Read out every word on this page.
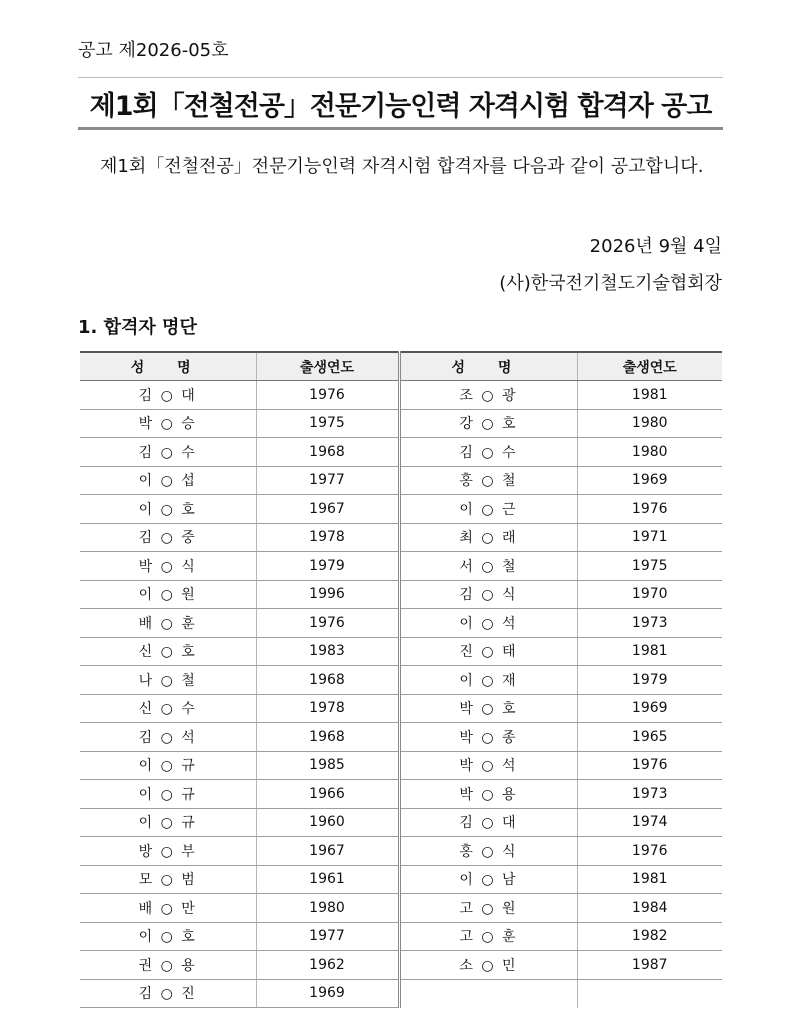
공고 제2026-05호
제1회「전철전공」전문기능인력 자격시험 합격자 공고
제1회「전철전공」전문기능인력 자격시험 합격자를 다음과 같이 공고합니다.
2026년 9월 4일
(사)한국전기철도기술협회장
1. 합격자 명단
성 명	출생연도	성 명	출생연도
김 ○ 대	1976	조 ○ 광	1981
박 ○ 승	1975	강 ○ 호	1980
김 ○ 수	1968	김 ○ 수	1980
이 ○ 섭	1977	홍 ○ 철	1969
이 ○ 호	1967	이 ○ 근	1976
김 ○ 중	1978	최 ○ 래	1971
박 ○ 식	1979	서 ○ 철	1975
이 ○ 원	1996	김 ○ 식	1970
배 ○ 훈	1976	이 ○ 석	1973
신 ○ 호	1983	진 ○ 태	1981
나 ○ 철	1968	이 ○ 재	1979
신 ○ 수	1978	박 ○ 호	1969
김 ○ 석	1968	박 ○ 종	1965
이 ○ 규	1985	박 ○ 석	1976
이 ○ 규	1966	박 ○ 용	1973
이 ○ 규	1960	김 ○ 대	1974
방 ○ 부	1967	홍 ○ 식	1976
모 ○ 범	1961	이 ○ 남	1981
배 ○ 만	1980	고 ○ 원	1984
이 ○ 호	1977	고 ○ 훈	1982
권 ○ 용	1962	소 ○ 민	1987
김 ○ 진	1969		
